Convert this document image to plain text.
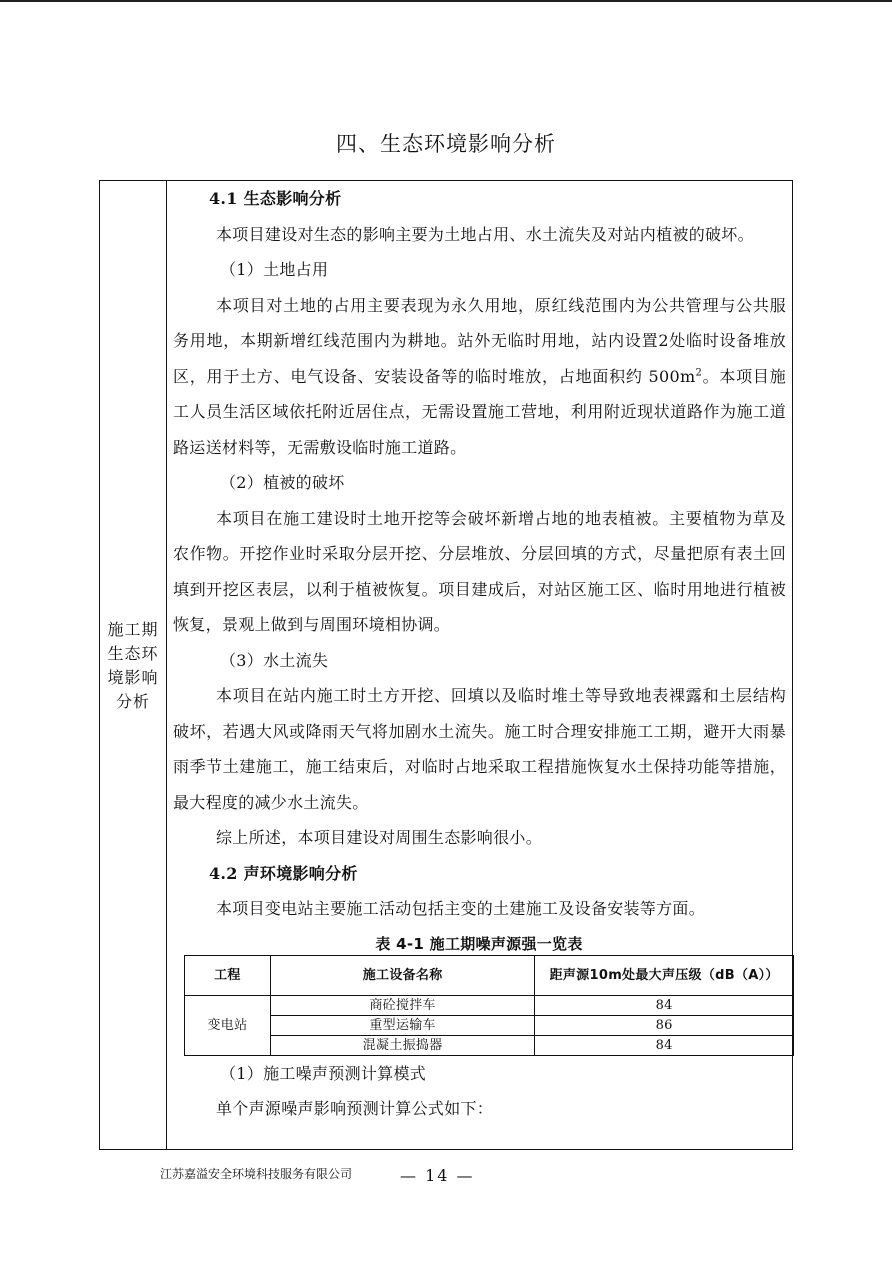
四、生态环境影响分析
施工期生态环境影响分析

4.1 生态影响分析

本项目建设对生态的影响主要为土地占用、水土流失及对站内植被的破坏。

（1）土地占用

本项目对土地的占用主要表现为永久用地，原红线范围内为公共管理与公共服务用地，本期新增红线范围内为耕地。站外无临时用地，站内设置2处临时设备堆放区，用于土方、电气设备、安装设备等的临时堆放，占地面积约 $500m^2$。本项目施工人员生活区域依托附近居住点，无需设置施工营地，利用附近现状道路作为施工道路运送材料等，无需敷设临时施工道路。

（2）植被的破坏

本项目在施工建设时土地开挖等会破坏新增占地的地表植被。主要植物为草及农作物。开挖作业时采取分层开挖、分层堆放、分层回填的方式，尽量把原有表土回填到开挖区表层，以利于植被恢复。项目建成后，对站区施工区、临时用地进行植被恢复，景观上做到与周围环境相协调。

（3）水土流失

本项目在站内施工时土方开挖、回填以及临时堆土等导致地表裸露和土层结构破坏，若遇大风或降雨天气将加剧水土流失。施工时合理安排施工工期，避开大雨暴雨季节土建施工，施工结束后，对临时占地采取工程措施恢复水土保持功能等措施，最大程度的减少水土流失。

综上所述，本项目建设对周围生态影响很小。

4.2 声环境影响分析

本项目变电站主要施工活动包括主变的土建施工及设备安装等方面。

表 4-1 施工期噪声源强一览表
工程	施工设备名称	距声源10m处最大声压级（dB（A））
变电站	商砼搅拌车	84
	重型运输车	86
	混凝土振捣器	84

（1）施工噪声预测计算模式

单个声源噪声影响预测计算公式如下：

江苏嘉溢安全环境科技服务有限公司	— 14 —
